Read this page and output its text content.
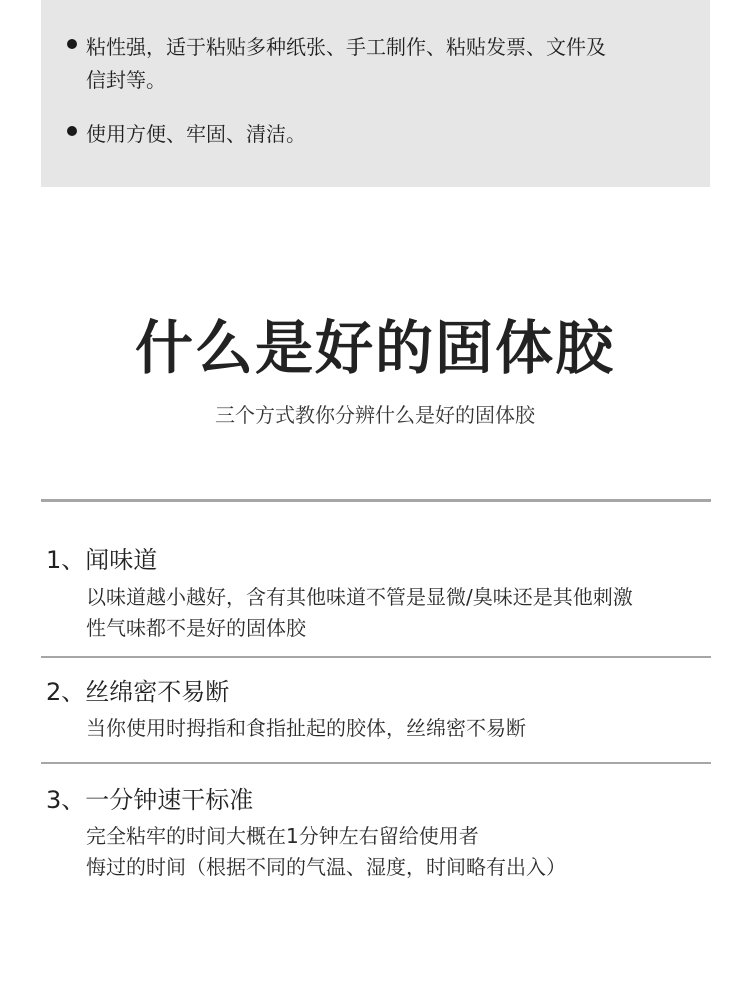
粘性强，适于粘贴多种纸张、手工制作、粘贴发票、文件及
信封等。
使用方便、牢固、清洁。
什么是好的固体胶
三个方式教你分辨什么是好的固体胶
1、闻味道
以味道越小越好，含有其他味道不管是显微/臭味还是其他刺激
性气味都不是好的固体胶
2、丝绵密不易断
当你使用时拇指和食指扯起的胶体，丝绵密不易断
3、一分钟速干标准
完全粘牢的时间大概在1分钟左右留给使用者
悔过的时间（根据不同的气温、湿度，时间略有出入）
